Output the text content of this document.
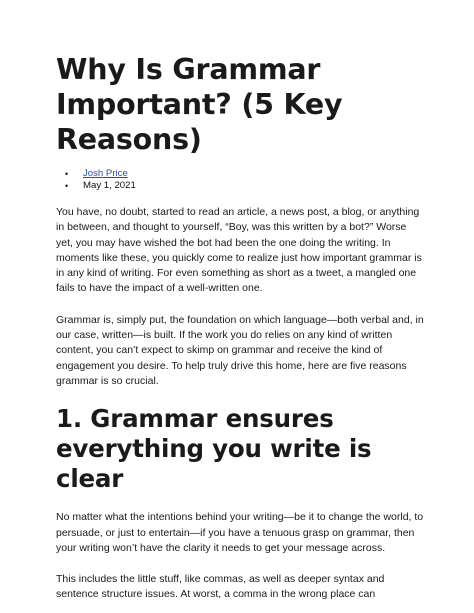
Why Is Grammar Important? (5 Key Reasons)
• Josh Price
• May 1, 2021

You have, no doubt, started to read an article, a news post, a blog, or anything in between, and thought to yourself, “Boy, was this written by a bot?” Worse yet, you may have wished the bot had been the one doing the writing. In moments like these, you quickly come to realize just how important grammar is in any kind of writing. For even something as short as a tweet, a mangled one fails to have the impact of a well-written one.

Grammar is, simply put, the foundation on which language—both verbal and, in our case, written—is built. If the work you do relies on any kind of written content, you can’t expect to skimp on grammar and receive the kind of engagement you desire. To help truly drive this home, here are five reasons grammar is so crucial.

1. Grammar ensures everything you write is clear

No matter what the intentions behind your writing—be it to change the world, to persuade, or just to entertain—if you have a tenuous grasp on grammar, then your writing won’t have the clarity it needs to get your message across.

This includes the little stuff, like commas, as well as deeper syntax and sentence structure issues. At worst, a comma in the wrong place can
